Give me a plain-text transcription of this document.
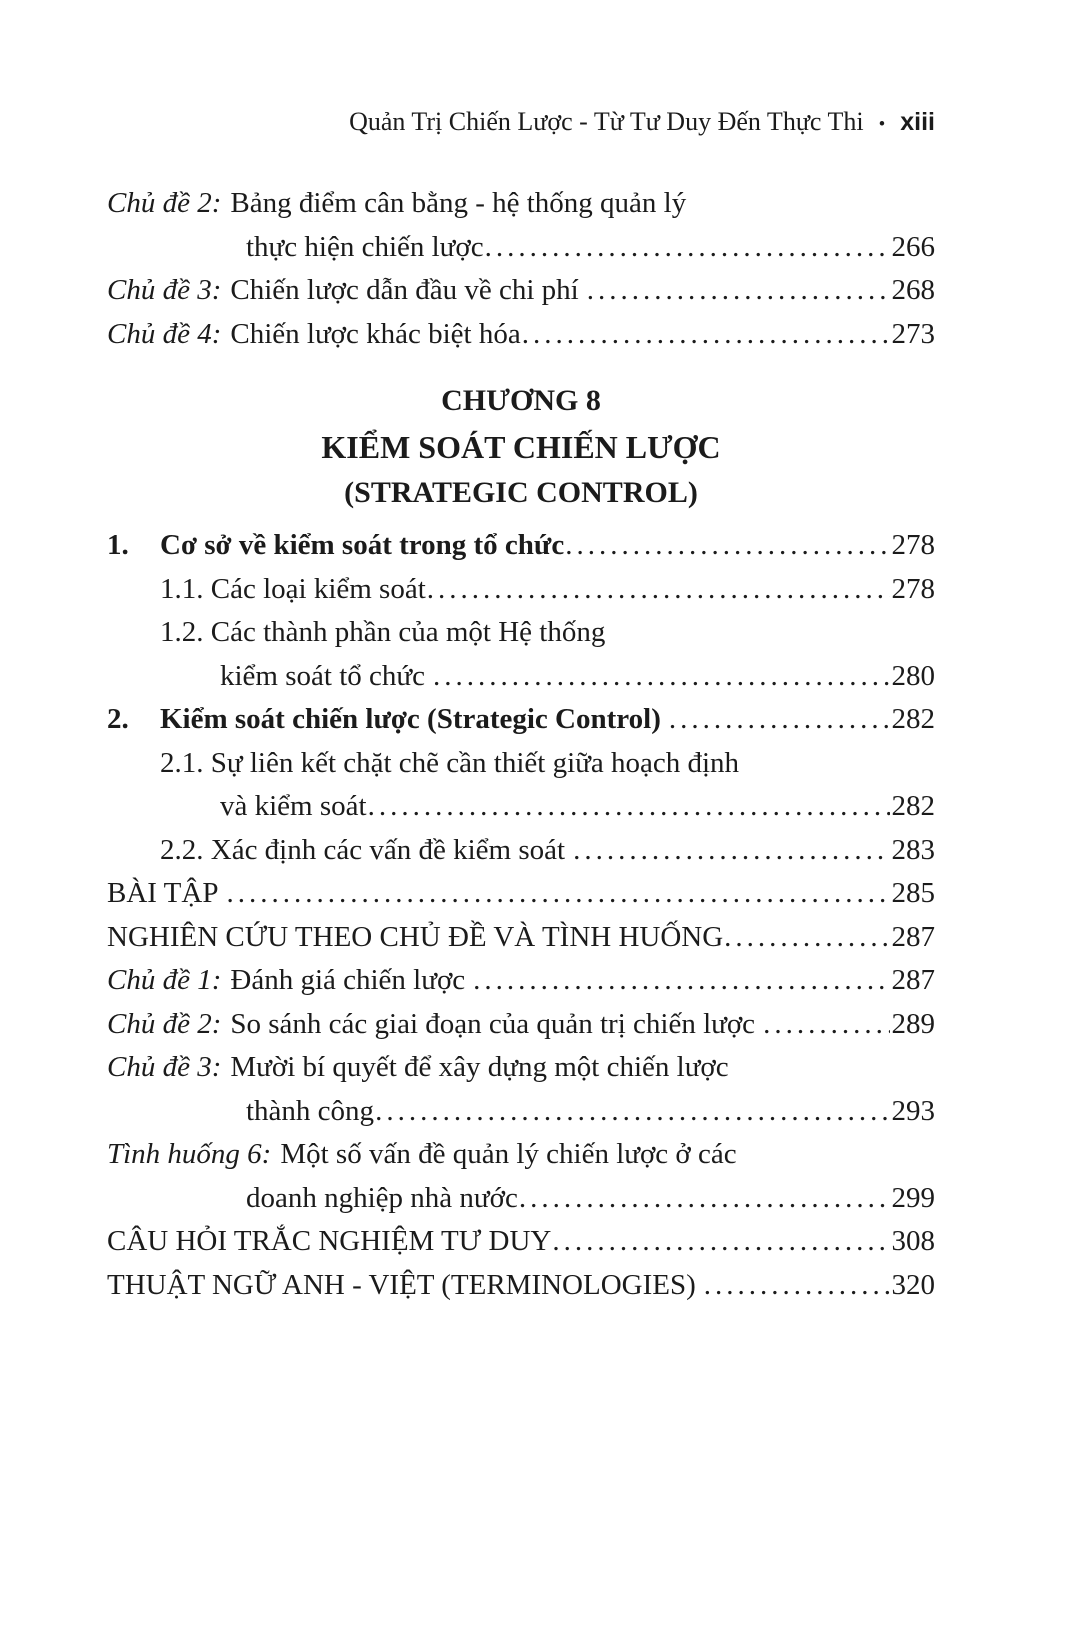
Quản Trị Chiến Lược - Từ Tư Duy Đến Thực Thi • xiii
Chủ đề 2: Bảng điểm cân bằng - hệ thống quản lý
thực hiện chiến lược .....	266
Chủ đề 3: Chiến lược dẫn đầu về chi phí .....	268
Chủ đề 4: Chiến lược khác biệt hóa .....	273
CHƯƠNG 8
KIỂM SOÁT CHIẾN LƯỢC
(STRATEGIC CONTROL)
1.	Cơ sở về kiểm soát trong tổ chức .....	278
1.1. Các loại kiểm soát .....	278
1.2. Các thành phần của một Hệ thống
kiểm soát tổ chức .....	280
2.	Kiểm soát chiến lược (Strategic Control) .....	282
2.1. Sự liên kết chặt chẽ cần thiết giữa hoạch định
và kiểm soát .....	282
2.2. Xác định các vấn đề kiểm soát .....	283
BÀI TẬP .....	285
NGHIÊN CỨU THEO CHỦ ĐỀ VÀ TÌNH HUỐNG .....	287
Chủ đề 1: Đánh giá chiến lược .....	287
Chủ đề 2: So sánh các giai đoạn của quản trị chiến lược .....	289
Chủ đề 3: Mười bí quyết để xây dựng một chiến lược
thành công .....	293
Tình huống 6: Một số vấn đề quản lý chiến lược ở các
doanh nghiệp nhà nước .....	299
CÂU HỎI TRẮC NGHIỆM TƯ DUY .....	308
THUẬT NGỮ ANH - VIỆT (TERMINOLOGIES) .....	320
